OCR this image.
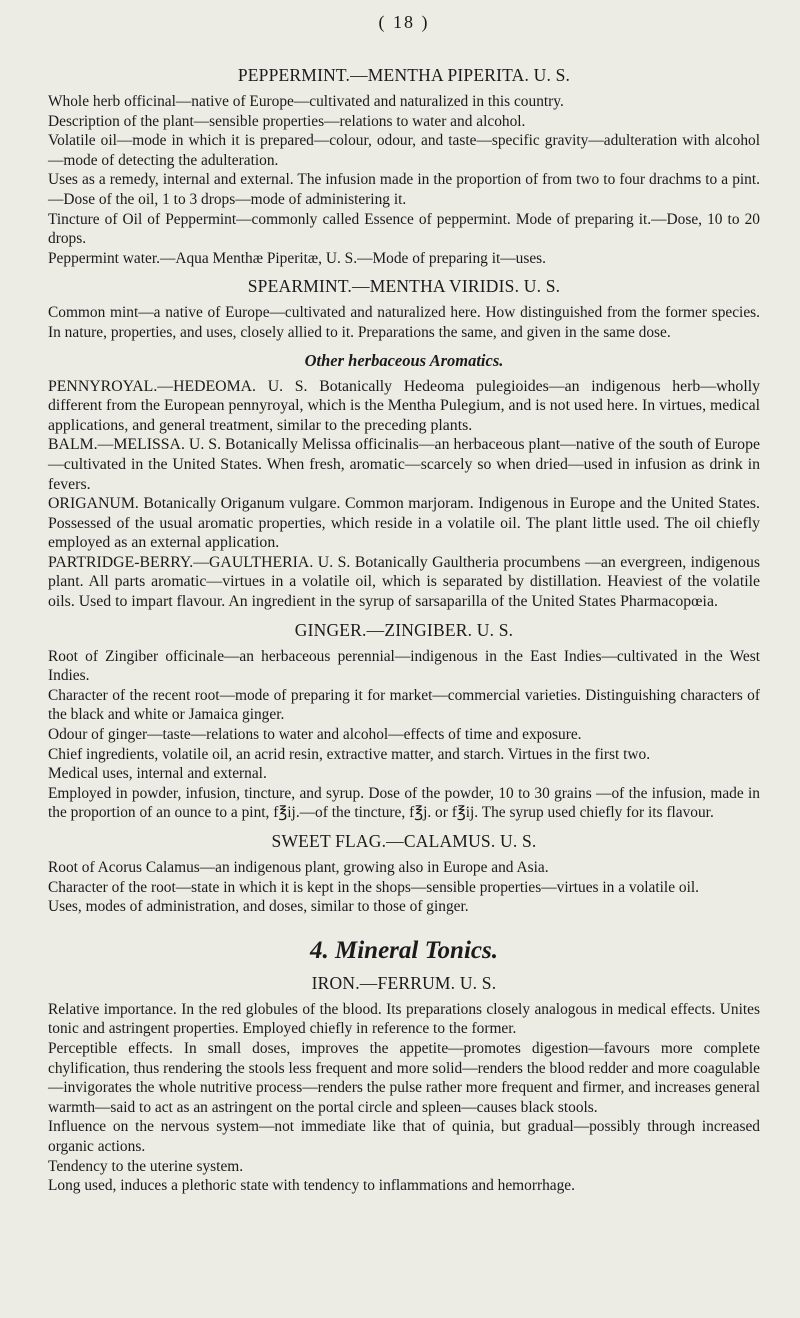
( 18 )
PEPPERMINT.—MENTHA PIPERITA. U. S.

Whole herb officinal—native of Europe—cultivated and naturalized in this country.

Description of the plant—sensible properties—relations to water and alcohol.

Volatile oil—mode in which it is prepared—colour, odour, and taste—specific gravity—adulteration with alcohol—mode of detecting the adulteration.

Uses as a remedy, internal and external. The infusion made in the proportion of from two to four drachms to a pint.—Dose of the oil, 1 to 3 drops—mode of administering it.

Tincture of Oil of Peppermint—commonly called Essence of peppermint. Mode of preparing it.—Dose, 10 to 20 drops.

Peppermint water.—Aqua Menthæ Piperitæ, U. S.—Mode of preparing it—uses.

SPEARMINT.—MENTHA VIRIDIS. U. S.

Common mint—a native of Europe—cultivated and naturalized here. How distinguished from the former species. In nature, properties, and uses, closely allied to it. Preparations the same, and given in the same dose.

Other herbaceous Aromatics.

PENNYROYAL.—HEDEOMA. U. S. Botanically Hedeoma pulegioides—an indigenous herb—wholly different from the European pennyroyal, which is the Mentha Pulegium, and is not used here. In virtues, medical applications, and general treatment, similar to the preceding plants.

BALM.—MELISSA. U. S. Botanically Melissa officinalis—an herbaceous plant—native of the south of Europe—cultivated in the United States. When fresh, aromatic—scarcely so when dried—used in infusion as drink in fevers.

ORIGANUM. Botanically Origanum vulgare. Common marjoram. Indigenous in Europe and the United States. Possessed of the usual aromatic properties, which reside in a volatile oil. The plant little used. The oil chiefly employed as an external application.

PARTRIDGE-BERRY.—GAULTHERIA. U. S. Botanically Gaultheria procumbens —an evergreen, indigenous plant. All parts aromatic—virtues in a volatile oil, which is separated by distillation. Heaviest of the volatile oils. Used to impart flavour. An ingredient in the syrup of sarsaparilla of the United States Pharmacopœia.

GINGER.—ZINGIBER. U. S.

Root of Zingiber officinale—an herbaceous perennial—indigenous in the East Indies—cultivated in the West Indies.

Character of the recent root—mode of preparing it for market—commercial varieties. Distinguishing characters of the black and white or Jamaica ginger.

Odour of ginger—taste—relations to water and alcohol—effects of time and exposure.

Chief ingredients, volatile oil, an acrid resin, extractive matter, and starch. Virtues in the first two.

Medical uses, internal and external.

Employed in powder, infusion, tincture, and syrup. Dose of the powder, 10 to 30 grains —of the infusion, made in the proportion of an ounce to a pint, f℥ij.—of the tincture, f℥j. or f℥ij. The syrup used chiefly for its flavour.

SWEET FLAG.—CALAMUS. U. S.

Root of Acorus Calamus—an indigenous plant, growing also in Europe and Asia.

Character of the root—state in which it is kept in the shops—sensible properties—virtues in a volatile oil.

Uses, modes of administration, and doses, similar to those of ginger.

4. Mineral Tonics.
IRON.—FERRUM. U. S.

Relative importance. In the red globules of the blood. Its preparations closely analogous in medical effects. Unites tonic and astringent properties. Employed chiefly in reference to the former.

Perceptible effects. In small doses, improves the appetite—promotes digestion—favours more complete chylification, thus rendering the stools less frequent and more solid—renders the blood redder and more coagulable—invigorates the whole nutritive process—renders the pulse rather more frequent and firmer, and increases general warmth—said to act as an astringent on the portal circle and spleen—causes black stools.

Influence on the nervous system—not immediate like that of quinia, but gradual—possibly through increased organic actions.

Tendency to the uterine system.

Long used, induces a plethoric state with tendency to inflammations and hemorrhage.
